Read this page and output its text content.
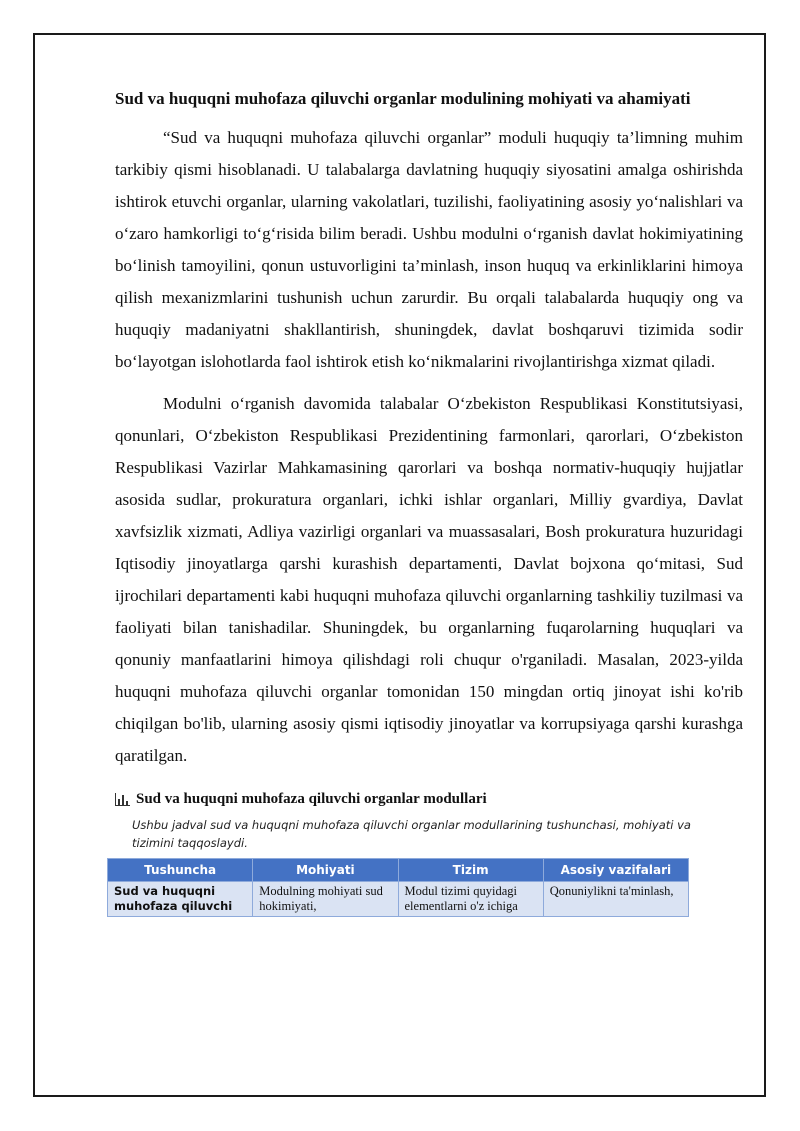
Sud va huquqni muhofaza qiluvchi organlar modulining mohiyati va ahamiyati

“Sud va huquqni muhofaza qiluvchi organlar” moduli huquqiy ta’limning muhim tarkibiy qismi hisoblanadi. U talabalarga davlatning huquqiy siyosatini amalga oshirishda ishtirok etuvchi organlar, ularning vakolatlari, tuzilishi, faoliyatining asosiy yo‘nalishlari va o‘zaro hamkorligi to‘g‘risida bilim beradi. Ushbu modulni o‘rganish davlat hokimiyatining bo‘linish tamoyilini, qonun ustuvorligini ta’minlash, inson huquq va erkinliklarini himoya qilish mexanizmlarini tushunish uchun zarurdir. Bu orqali talabalarda huquqiy ong va huquqiy madaniyatni shakllantirish, shuningdek, davlat boshqaruvi tizimida sodir bo‘layotgan islohotlarda faol ishtirok etish ko‘nikmalarini rivojlantirishga xizmat qiladi.

Modulni o‘rganish davomida talabalar O‘zbekiston Respublikasi Konstitutsiyasi, qonunlari, O‘zbekiston Respublikasi Prezidentining farmonlari, qarorlari, O‘zbekiston Respublikasi Vazirlar Mahkamasining qarorlari va boshqa normativ-huquqiy hujjatlar asosida sudlar, prokuratura organlari, ichki ishlar organlari, Milliy gvardiya, Davlat xavfsizlik xizmati, Adliya vazirligi organlari va muassasalari, Bosh prokuratura huzuridagi Iqtisodiy jinoyatlarga qarshi kurashish departamenti, Davlat bojxona qo‘mitasi, Sud ijrochilari departamenti kabi huquqni muhofaza qiluvchi organlarning tashkiliy tuzilmasi va faoliyati bilan tanishadilar. Shuningdek, bu organlarning fuqarolarning huquqlari va qonuniy manfaatlarini himoya qilishdagi roli chuqur o'rganiladi. Masalan, 2023-yilda huquqni muhofaza qiluvchi organlar tomonidan 150 mingdan ortiq jinoyat ishi ko'rib chiqilgan bo'lib, ularning asosiy qismi iqtisodiy jinoyatlar va korrupsiyaga qarshi kurashga qaratilgan.

Sud va huquqni muhofaza qiluvchi organlar modullari
Ushbu jadval sud va huquqni muhofaza qiluvchi organlar modullarining tushunchasi, mohiyati va tizimini taqqoslaydi.
Tushuncha	Mohiyati	Tizim	Asosiy vazifalari
Sud va huquqni muhofaza qiluvchi	Modulning mohiyati sud hokimiyati,	Modul tizimi quyidagi elementlarni o'z ichiga	Qonuniylikni ta'minlash,
